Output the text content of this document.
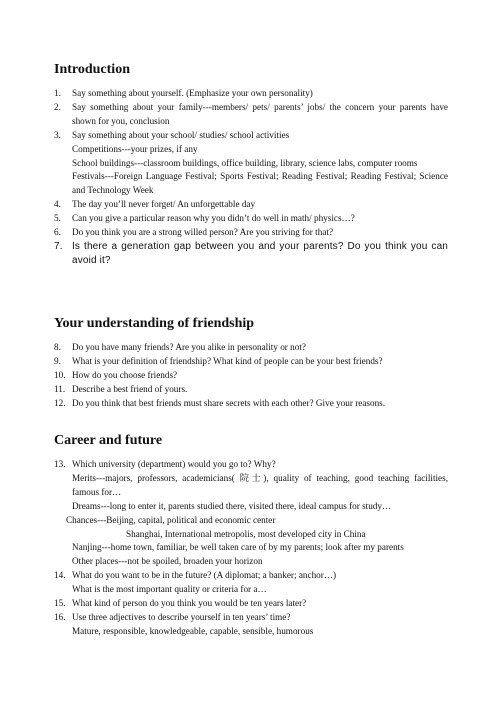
Introduction
1. Say something about yourself. (Emphasize your own personality)
2. Say something about your family---members/ pets/ parents’ jobs/ the concern your parents have shown for you, conclusion
3. Say something about your school/ studies/ school activities
Competitions---your prizes, if any
School buildings---classroom buildings, office building, library, science labs, computer rooms
Festivals---Foreign Language Festival; Sports Festival; Reading Festival; Reading Festival; Science and Technology Week
4. The day you’ll never forget/ An unforgettable day
5. Can you give a particular reason why you didn’t do well in math/ physics…?
6. Do you think you are a strong willed person? Are you striving for that?
7. Is there a generation gap between you and your parents? Do you think you can avoid it?
Your understanding of friendship
8. Do you have many friends? Are you alike in personality or not?
9. What is your definition of friendship? What kind of people can be your best friends?
10. How do you choose friends?
11. Describe a best friend of yours.
12. Do you think that best friends must share secrets with each other? Give your reasons.
Career and future
13. Which university (department) would you go to? Why?
Merits---majors, professors, academicians( 院士), quality of teaching, good teaching facilities, famous for…
Dreams---long to enter it, parents studied there, visited there, ideal campus for study…
Chances---Beijing, capital, political and economic center
Shanghai, International metropolis, most developed city in China
Nanjing---home town, familiar, be well taken care of by my parents; look after my parents
Other places---not be spoiled, broaden your horizon
14. What do you want to be in the future? (A diplomat; a banker; anchor…)
What is the most important quality or criteria for a…
15. What kind of person do you think you would be ten years later?
16. Use three adjectives to describe yourself in ten years’ time?
Mature, responsible, knowledgeable, capable, sensible, humorous
